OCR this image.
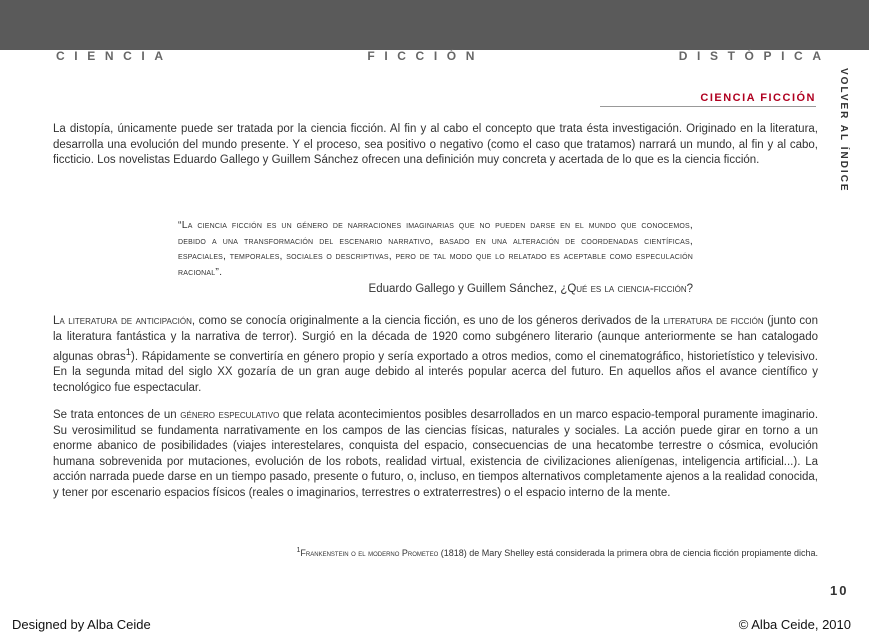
C    I    E    N    C    I    A	F    I    C    C    I    Ó    N	D    I    S    T    Ó    P    I    C    A
VOLVER AL ÍNDICE
CIENCIA FICCIÓN

La distopía, únicamente puede ser tratada por la ciencia ficción. Al fin y al cabo el concepto que trata ésta investigación. Originado en la literatura, desarrolla una evolución del mundo presente. Y el proceso, sea positivo o negativo (como el caso que tratamos) narrará un mundo, al fin y al cabo, ficcticio. Los novelistas Eduardo Gallego y Guillem Sánchez ofrecen una definición muy concreta y acertada de lo que es la ciencia ficción.

“La ciencia ficción es un género de narraciones imaginarias que no pueden darse en el mundo que conocemos, debido a una transformación del escenario narrativo, basado en una alteración de coordenadas científicas, espaciales, temporales, sociales o descriptivas, pero de tal modo que lo relatado es aceptable como especulación racional”.
Eduardo Gallego y Guillem Sánchez, ¿Qué es la ciencia-ficción?

La literatura de anticipación, como se conocía originalmente a la ciencia ficción, es uno de los géneros derivados de la literatura de ficción (junto con la literatura fantástica y la narrativa de terror). Surgió en la década de 1920 como subgénero literario (aunque anteriormente se han catalogado algunas obras$^1$). Rápidamente se convertiría en género propio y sería exportado a otros medios, como el cinematográfico, historietístico y televisivo. En la segunda mitad del siglo XX gozaría de un gran auge debido al interés popular acerca del futuro. En aquellos años el avance científico y tecnológico fue espectacular.

Se trata entonces de un género especulativo que relata acontecimientos posibles desarrollados en un marco espacio-temporal puramente imaginario. Su verosimilitud se fundamenta narrativamente en los campos de las ciencias físicas, naturales y sociales. La acción puede girar en torno a un enorme abanico de posibilidades (viajes interestelares, conquista del espacio, consecuencias de una hecatombe terrestre o cósmica, evolución humana sobrevenida por mutaciones, evolución de los robots, realidad virtual, existencia de civilizaciones alienígenas, inteligencia artificial...). La acción narrada puede darse en un tiempo pasado, presente o futuro, o, incluso, en tiempos alternativos completamente ajenos a la realidad conocida, y tener por escenario espacios físicos (reales o imaginarios, terrestres o extraterrestres) o el espacio interno de la mente.

$^1$Frankenstein o el moderno Prometeo (1818) de Mary Shelley está considerada la primera obra de ciencia ficción propiamente dicha.
10
Designed by Alba Ceide	© Alba Ceide, 2010
